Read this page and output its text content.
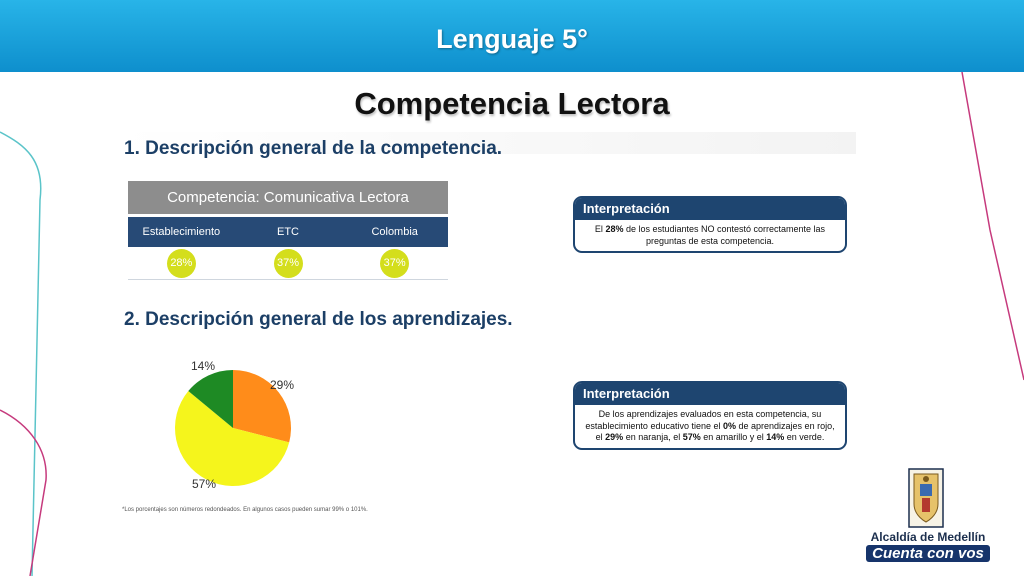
Lenguaje 5°
Competencia Lectora
1. Descripción general de la competencia.
Competencia: Comunicativa Lectora
Establecimiento	ETC	Colombia
28%	37%	37%
Interpretación
El 28% de los estudiantes NO contestó correctamente las preguntas de esta competencia.
2. Descripción general de los aprendizajes.
29%
57%
14%
Interpretación
De los aprendizajes evaluados en esta competencia, su establecimiento educativo tiene el 0% de aprendizajes en rojo, el 29% en naranja, el 57% en amarillo y el 14% en verde.
*Los porcentajes son números redondeados. En algunos casos pueden sumar 99% o 101%.
Alcaldía de Medellín
Cuenta con vos
